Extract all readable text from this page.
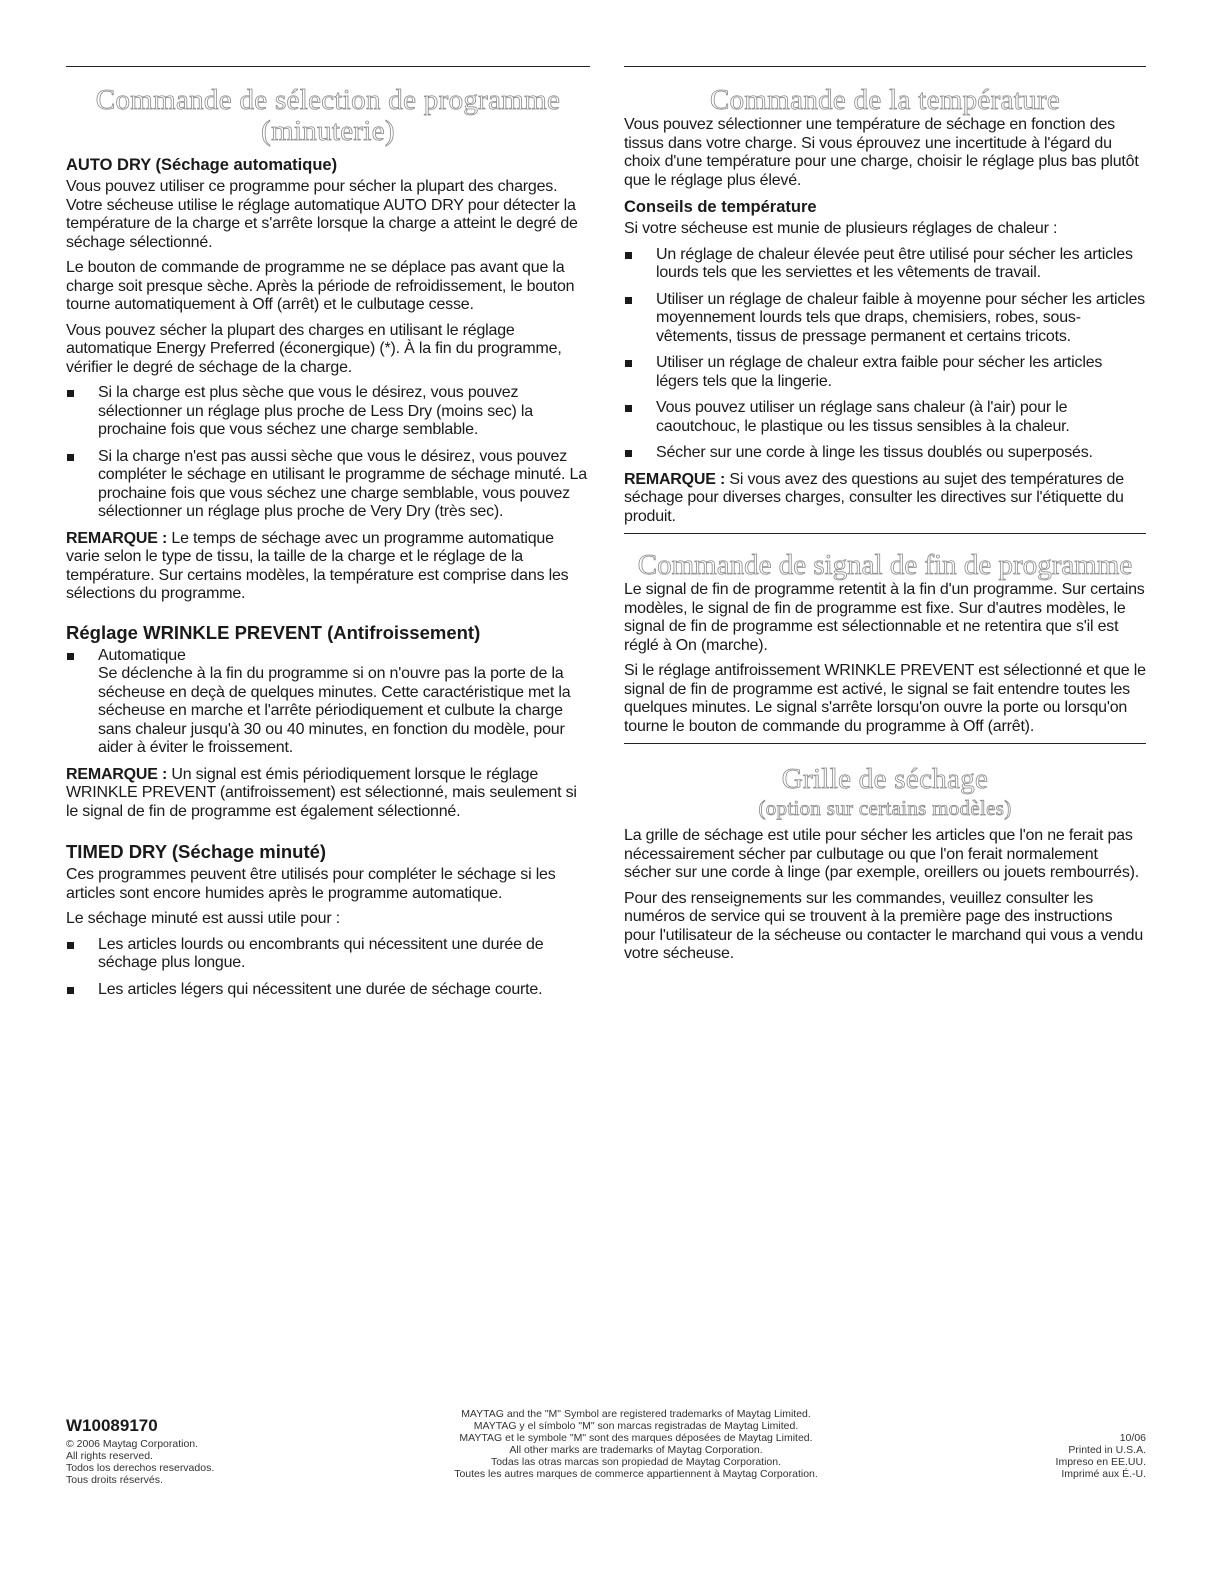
Commande de sélection de programme
(minuterie)
AUTO DRY (Séchage automatique)

Vous pouvez utiliser ce programme pour sécher la plupart des charges. Votre sécheuse utilise le réglage automatique AUTO DRY pour détecter la température de la charge et s'arrête lorsque la charge a atteint le degré de séchage sélectionné.

Le bouton de commande de programme ne se déplace pas avant que la charge soit presque sèche. Après la période de refroidissement, le bouton tourne automatiquement à Off (arrêt) et le culbutage cesse.

Vous pouvez sécher la plupart des charges en utilisant le réglage automatique Energy Preferred (éconergique) (*). À la fin du programme, vérifier le degré de séchage de la charge.

Si la charge est plus sèche que vous le désirez, vous pouvez sélectionner un réglage plus proche de Less Dry (moins sec) la prochaine fois que vous séchez une charge semblable.
Si la charge n'est pas aussi sèche que vous le désirez, vous pouvez compléter le séchage en utilisant le programme de séchage minuté. La prochaine fois que vous séchez une charge semblable, vous pouvez sélectionner un réglage plus proche de Very Dry (très sec).

REMARQUE : Le temps de séchage avec un programme automatique varie selon le type de tissu, la taille de la charge et le réglage de la température. Sur certains modèles, la température est comprise dans les sélections du programme.

Réglage WRINKLE PREVENT (Antifroissement)
Automatique
Se déclenche à la fin du programme si on n'ouvre pas la porte de la sécheuse en deçà de quelques minutes. Cette caractéristique met la sécheuse en marche et l'arrête périodiquement et culbute la charge sans chaleur jusqu'à 30 ou 40 minutes, en fonction du modèle, pour aider à éviter le froissement.

REMARQUE : Un signal est émis périodiquement lorsque le réglage WRINKLE PREVENT (antifroissement) est sélectionné, mais seulement si le signal de fin de programme est également sélectionné.

TIMED DRY (Séchage minuté)

Ces programmes peuvent être utilisés pour compléter le séchage si les articles sont encore humides après le programme automatique.

Le séchage minuté est aussi utile pour :

Les articles lourds ou encombrants qui nécessitent une durée de séchage plus longue.
Les articles légers qui nécessitent une durée de séchage courte.
Commande de la température

Vous pouvez sélectionner une température de séchage en fonction des tissus dans votre charge. Si vous éprouvez une incertitude à l'égard du choix d'une température pour une charge, choisir le réglage plus bas plutôt que le réglage plus élevé.

Conseils de température

Si votre sécheuse est munie de plusieurs réglages de chaleur :

Un réglage de chaleur élevée peut être utilisé pour sécher les articles lourds tels que les serviettes et les vêtements de travail.
Utiliser un réglage de chaleur faible à moyenne pour sécher les articles moyennement lourds tels que draps, chemisiers, robes, sous-vêtements, tissus de pressage permanent et certains tricots.
Utiliser un réglage de chaleur extra faible pour sécher les articles légers tels que la lingerie.
Vous pouvez utiliser un réglage sans chaleur (à l'air) pour le caoutchouc, le plastique ou les tissus sensibles à la chaleur.
Sécher sur une corde à linge les tissus doublés ou superposés.

REMARQUE : Si vous avez des questions au sujet des températures de séchage pour diverses charges, consulter les directives sur l'étiquette du produit.

Commande de signal de fin de programme

Le signal de fin de programme retentit à la fin d'un programme. Sur certains modèles, le signal de fin de programme est fixe. Sur d'autres modèles, le signal de fin de programme est sélectionnable et ne retentira que s'il est réglé à On (marche).

Si le réglage antifroissement WRINKLE PREVENT est sélectionné et que le signal de fin de programme est activé, le signal se fait entendre toutes les quelques minutes. Le signal s'arrête lorsqu'on ouvre la porte ou lorsqu'on tourne le bouton de commande du programme à Off (arrêt).

Grille de séchage
(option sur certains modèles)

La grille de séchage est utile pour sécher les articles que l'on ne ferait pas nécessairement sécher par culbutage ou que l'on ferait normalement sécher sur une corde à linge (par exemple, oreillers ou jouets rembourrés).

Pour des renseignements sur les commandes, veuillez consulter les numéros de service qui se trouvent à la première page des instructions pour l'utilisateur de la sécheuse ou contacter le marchand qui vous a vendu votre sécheuse.

W10089170
© 2006 Maytag Corporation.
All rights reserved.
Todos los derechos reservados.
Tous droits réservés.
MAYTAG and the "M" Symbol are registered trademarks of Maytag Limited.
MAYTAG y el símbolo "M" son marcas registradas de Maytag Limited.
MAYTAG et le symbole "M" sont des marques déposées de Maytag Limited.
All other marks are trademarks of Maytag Corporation.
Todas las otras marcas son propiedad de Maytag Corporation.
Toutes les autres marques de commerce appartiennent à Maytag Corporation.
10/06
Printed in U.S.A.
Impreso en EE.UU.
Imprimé aux É.-U.
